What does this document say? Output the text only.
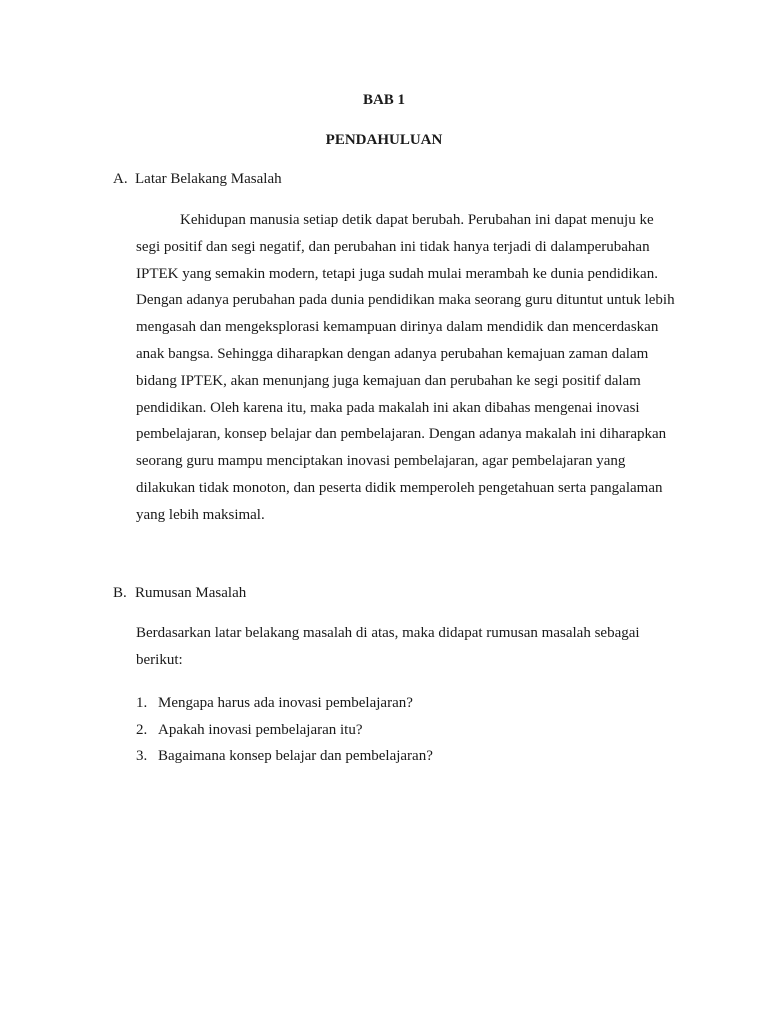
BAB 1
PENDAHULUAN
A. Latar Belakang Masalah
Kehidupan manusia setiap detik dapat berubah. Perubahan ini dapat menuju ke
segi positif dan segi negatif, dan perubahan ini tidak hanya terjadi di dalamperubahan
IPTEK yang semakin modern, tetapi juga sudah mulai merambah ke dunia pendidikan.
Dengan adanya perubahan pada dunia pendidikan maka seorang guru dituntut untuk lebih
mengasah dan mengeksplorasi kemampuan dirinya dalam mendidik dan mencerdaskan
anak bangsa. Sehingga diharapkan dengan adanya perubahan kemajuan zaman dalam
bidang IPTEK, akan menunjang juga kemajuan dan perubahan ke segi positif dalam
pendidikan. Oleh karena itu, maka pada makalah ini akan dibahas mengenai inovasi
pembelajaran, konsep belajar dan pembelajaran. Dengan adanya makalah ini diharapkan
seorang guru mampu menciptakan inovasi pembelajaran, agar pembelajaran yang
dilakukan tidak monoton, dan peserta didik memperoleh pengetahuan serta pangalaman
yang lebih maksimal.
B. Rumusan Masalah
Berdasarkan latar belakang masalah di atas, maka didapat rumusan masalah sebagai
berikut:
1. Mengapa harus ada inovasi pembelajaran?
2. Apakah inovasi pembelajaran itu?
3. Bagaimana konsep belajar dan pembelajaran?
